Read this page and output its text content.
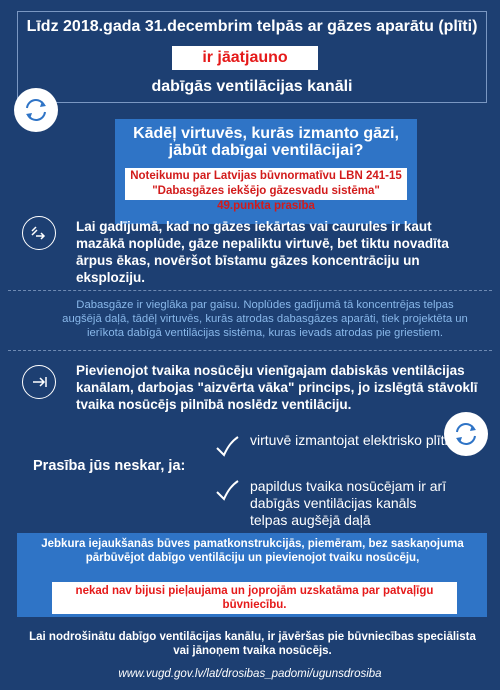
Līdz 2018.gada 31.decembrim telpās ar gāzes aparātu (plīti)
ir jāatjauno
dabīgās ventilācijas kanāli
Kādēļ virtuvēs, kurās izmanto gāzi, jābūt dabīgai ventilācijai?
Noteikumu par Latvijas būvnormatīvu LBN 241-15 "Dabasgāzes iekšējo gāzesvadu sistēma" 49.punkta prasība
Lai gadījumā, kad no gāzes iekārtas vai caurules ir kaut mazākā noplūde, gāze nepaliktu virtuvē, bet tiktu novadīta ārpus ēkas, novēršot bīstamu gāzes koncentrāciju un eksploziju.
Dabasgāze ir vieglāka par gaisu. Noplūdes gadījumā tā koncentrējas telpas augšējā daļā, tādēļ virtuvēs, kurās atrodas dabasgāzes aparāti, tiek projektēta un ierīkota dabīgā ventilācijas sistēma, kuras ievads atrodas pie griestiem.
Pievienojot tvaika nosūcēju vienīgajam dabiskās ventilācijas kanālam, darbojas "aizvērta vāka" princips, jo izslēgtā stāvoklī tvaika nosūcējs pilnībā noslēdz ventilāciju.
Prasība jūs neskar, ja:
virtuvē izmantojat elektrisko plīti
papildus tvaika nosūcējam ir arī dabīgās ventilācijas kanāls telpas augšējā daļā
Jebkura iejaukšanās būves pamatkonstrukcijās, piemēram, bez saskaņojuma pārbūvējot dabīgo ventilāciju un pievienojot tvaiku nosūcēju,
nekad nav bijusi pieļaujama un joprojām uzskatāma par patvaļīgu būvniecību.
Lai nodrošinātu dabīgo ventilācijas kanālu, ir jāvēršas pie būvniecības speciālista vai jānoņem tvaika nosūcējs.
www.vugd.gov.lv/lat/drosibas_padomi/ugunsdrosiba
